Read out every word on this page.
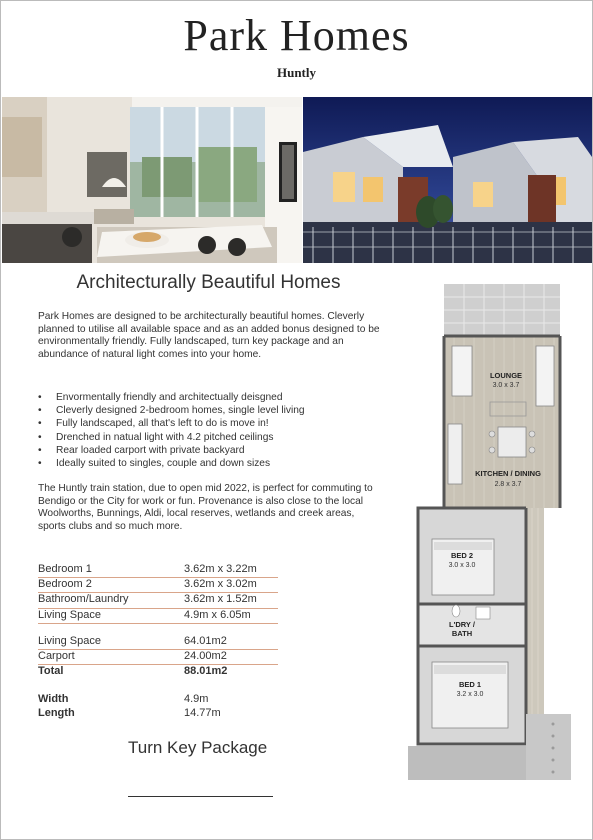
Park Homes
Huntly
Architecturally Beautiful Homes

Park Homes are designed to be architecturally beautiful homes. Cleverly planned to utilise all available space and as an added bonus designed to be environmentally friendly. Fully landscaped, turn key package and an abundance of natural light comes into your home.

• Envormentally friendly and architectually deisgned
• Cleverly designed 2-bedroom homes, single level living
• Fully landscaped, all that's left to do is move in!
• Drenched in natual light with 4.2 pitched ceilings
• Rear loaded carport with private backyard
• Ideally suited to singles, couple and down sizes

The Huntly train station, due to open mid 2022, is perfect for commuting to Bendigo or the City for work or fun. Provenance is also close to the local Woolworths, Bunnings, Aldi, local reserves, wetlands and creek areas, sports clubs and so much more.

Bedroom 1	3.62m x 3.22m
Bedroom 2	3.62m x 3.02m
Bathroom/Laundry	3.62m x 1.52m
Living Space	4.9m x 6.05m
Living Space	64.01m2
Carport	24.00m2
Total	88.01m2
Width	4.9m
Length	14.77m
Turn Key Package
LOUNGE
3.0 x 3.7
KITCHEN / DINING
2.8 x 3.7
BED 2
3.0 x 3.0
L'DRY /
BATH
BED 1
3.2 x 3.0
